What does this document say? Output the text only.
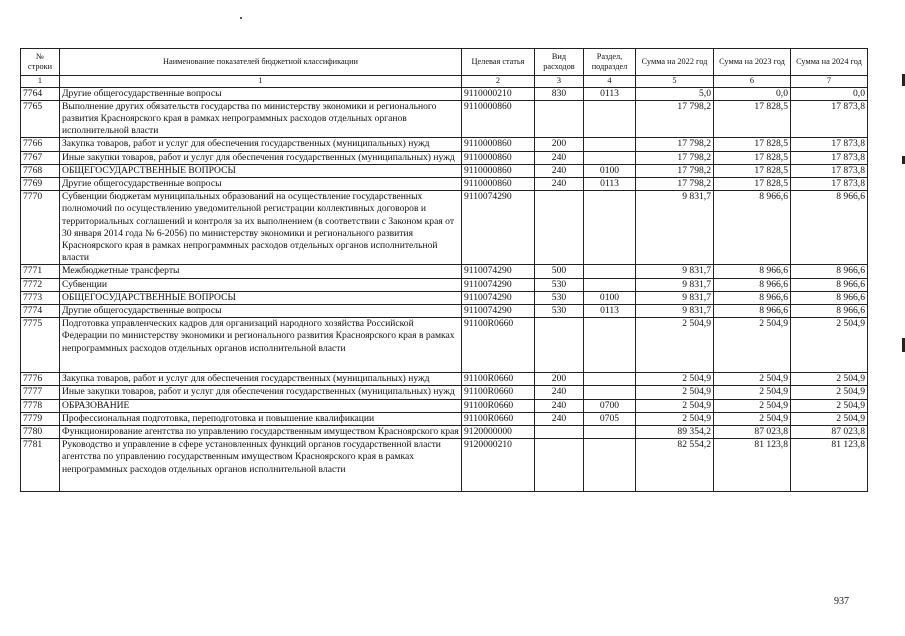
№ строки	Наименование показателей бюджетной классификации	Целевая статья	Вид расходов	Раздел, подраздел	Сумма на 2022 год	Сумма на 2023 год	Сумма на 2024 год
1	1	2	3	4	5	6	7
7764	Другие общегосударственные вопросы	9110000210	830	0113	5,0	0,0	0,0
7765	Выполнение других обязательств государства по министерству экономики и регионального развития Красноярского края в рамках непрограммных расходов отдельных органов исполнительной власти	9110000860			17 798,2	17 828,5	17 873,8
7766	Закупка товаров, работ и услуг для обеспечения государственных (муниципальных) нужд	9110000860	200		17 798,2	17 828,5	17 873,8
7767	Иные закупки товаров, работ и услуг для обеспечения государственных (муниципальных) нужд	9110000860	240		17 798,2	17 828,5	17 873,8
7768	ОБЩЕГОСУДАРСТВЕННЫЕ ВОПРОСЫ	9110000860	240	0100	17 798,2	17 828,5	17 873,8
7769	Другие общегосударственные вопросы	9110000860	240	0113	17 798,2	17 828,5	17 873,8
7770	Субвенции бюджетам муниципальных образований на осуществление государственных полномочий по осуществлению уведомительной регистрации коллективных договоров и территориальных соглашений и контроля за их выполнением (в соответствии с Законом края от 30 января 2014 года № 6-2056) по министерству экономики и регионального развития Красноярского края в рамках непрограммных расходов отдельных органов исполнительной власти	9110074290			9 831,7	8 966,6	8 966,6
7771	Межбюджетные трансферты	9110074290	500		9 831,7	8 966,6	8 966,6
7772	Субвенции	9110074290	530		9 831,7	8 966,6	8 966,6
7773	ОБЩЕГОСУДАРСТВЕННЫЕ ВОПРОСЫ	9110074290	530	0100	9 831,7	8 966,6	8 966,6
7774	Другие общегосударственные вопросы	9110074290	530	0113	9 831,7	8 966,6	8 966,6
7775	Подготовка управленческих кадров для организаций народного хозяйства Российской Федерации по министерству экономики и регионального развития Красноярского края в рамках непрограммных расходов отдельных органов исполнительной власти	91100R0660			2 504,9	2 504,9	2 504,9
7776	Закупка товаров, работ и услуг для обеспечения государственных (муниципальных) нужд	91100R0660	200		2 504,9	2 504,9	2 504,9
7777	Иные закупки товаров, работ и услуг для обеспечения государственных (муниципальных) нужд	91100R0660	240		2 504,9	2 504,9	2 504,9
7778	ОБРАЗОВАНИЕ	91100R0660	240	0700	2 504,9	2 504,9	2 504,9
7779	Профессиональная подготовка, переподготовка и повышение квалификации	91100R0660	240	0705	2 504,9	2 504,9	2 504,9
7780	Функционирование агентства по управлению государственным имуществом Красноярского края	9120000000			89 354,2	87 023,8	87 023,8
7781	Руководство и управление в сфере установленных функций органов государственной власти агентства по управлению государственным имуществом Красноярского края в рамках непрограммных расходов отдельных органов исполнительной власти	9120000210			82 554,2	81 123,8	81 123,8
937
